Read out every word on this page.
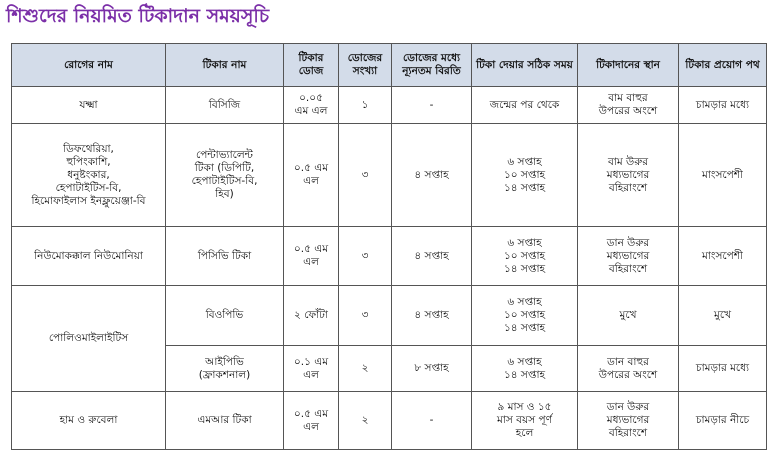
শিশুদের নিয়মিত টিকাদান সময়সূচি
রোগের নাম	টিকার নাম	টিকার ডোজ	ডোজের সংখ্যা	ডোজের মধ্যে ন্যূনতম বিরতি	টিকা দেয়ার সঠিক সময়	টিকাদানের স্থান	টিকার প্রয়োগ পথ
যক্ষ্মা	বিসিজি	০.০৫
এম এল	১	-	জন্মের পর থেকে	বাম বাহুর
উপরের অংশে	চামড়ার মধ্যে
ডিফথেরিয়া,
হুপিংকাশি,
ধনুষ্টংকার,
হেপাটাইটিস-বি,
হিমোফাইলাস ইনফ্লুয়েঞ্জা-বি	পেন্টাভ্যালেন্ট
টিকা (ডিপিটি,
হেপাটাইটিস-বি,
হিব)	০.৫ এম
এল	৩	৪ সপ্তাহ	৬ সপ্তাহ
১০ সপ্তাহ
১৪ সপ্তাহ	বাম উরুর
মধ্যভাগের
বহিরাংশে	মাংসপেশী
নিউমোকক্কাল নিউমোনিয়া	পিসিভি টিকা	০.৫ এম
এল	৩	৪ সপ্তাহ	৬ সপ্তাহ
১০ সপ্তাহ
১৪ সপ্তাহ	ডান উরুর
মধ্যভাগের
বহিরাংশে	মাংসপেশী
পোলিওমাইলাইটিস	বিওপিভি	২ ফোঁটা	৩	৪ সপ্তাহ	৬ সপ্তাহ
১০ সপ্তাহ
১৪ সপ্তাহ	মুখে	মুখে
	আইপিভি
(ফ্রাকশনাল)	০.১ এম
এল	২	৮ সপ্তাহ	৬ সপ্তাহ
১৪ সপ্তাহ	ডান বাহুর
উপরের অংশে	চামড়ার মধ্যে
হাম ও রুবেলা	এমআর টিকা	০.৫ এম
এল	২	-	৯ মাস ও ১৫
মাস বয়স পূর্ণ
হলে	ডান উরুর
মধ্যভাগের
বহিরাংশে	চামড়ার নীচে
